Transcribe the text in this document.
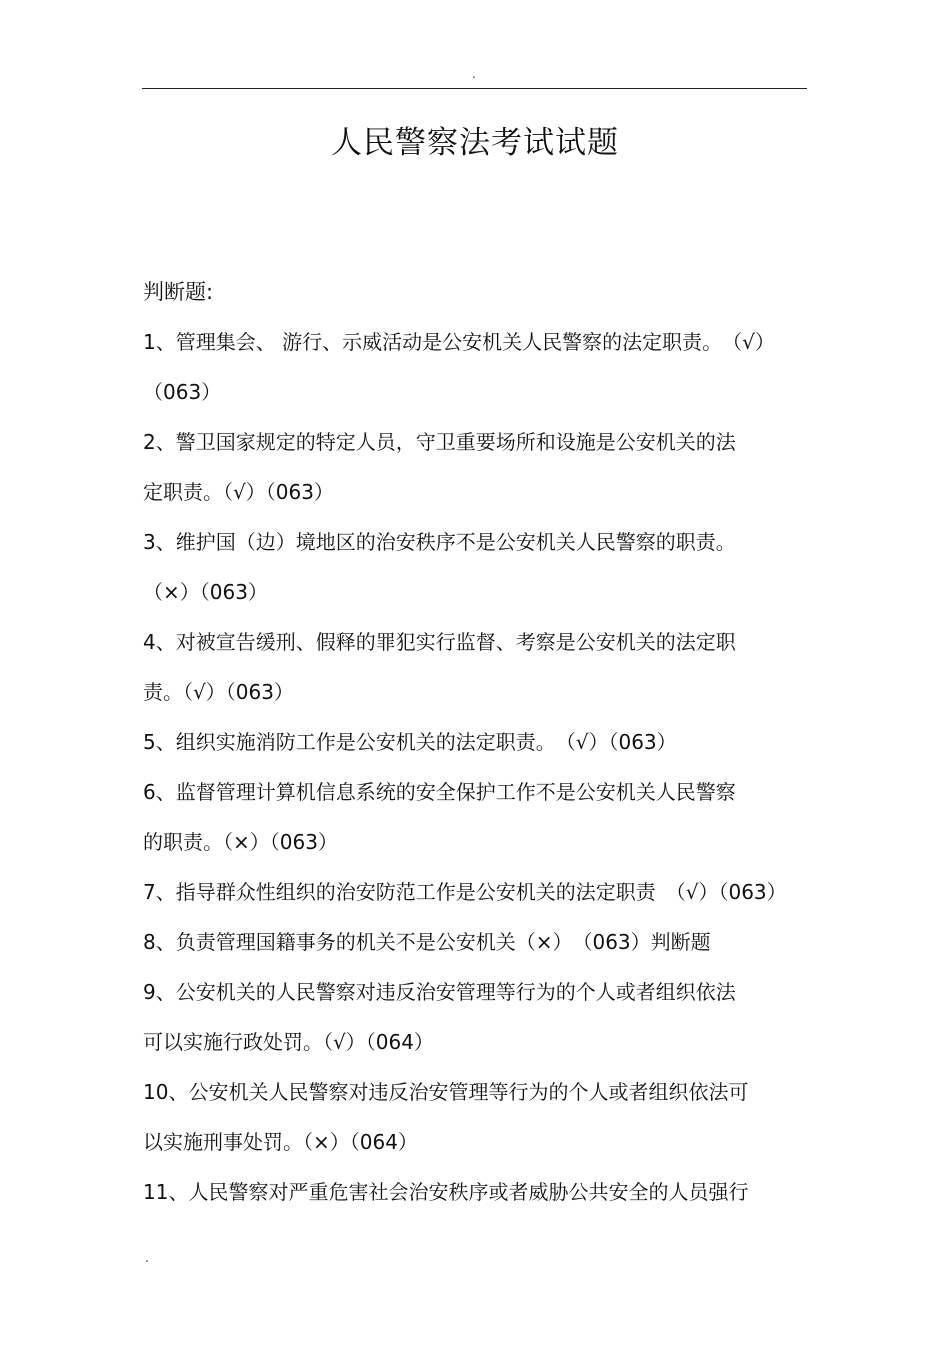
.
人民警察法考试试题
判断题:
1、管理集会、 游行、示威活动是公安机关人民警察的法定职责。　（√）
（063）
2、警卫国家规定的特定人员，守卫重要场所和设施是公安机关的法
定职责。（√）（063）
3、维护国（边）境地区的治安秩序不是公安机关人民警察的职责。
（×）（063）
4、对被宣告缓刑、假释的罪犯实行监督、考察是公安机关的法定职
责。（√）（063）
5、组织实施消防工作是公安机关的法定职责。　（√）（063）
6、监督管理计算机信息系统的安全保护工作不是公安机关人民警察
的职责。（×）（063）
7、指导群众性组织的治安防范工作是公安机关的法定职责　（√）（063）
8、负责管理国籍事务的机关不是公安机关（×）　（063）判断题
9、公安机关的人民警察对违反治安管理等行为的个人或者组织依法
可以实施行政处罚。（√）（064）
10、公安机关人民警察对违反治安管理等行为的个人或者组织依法可
以实施刑事处罚。（×）（064）
11、人民警察对严重危害社会治安秩序或者威胁公共安全的人员强行
.
